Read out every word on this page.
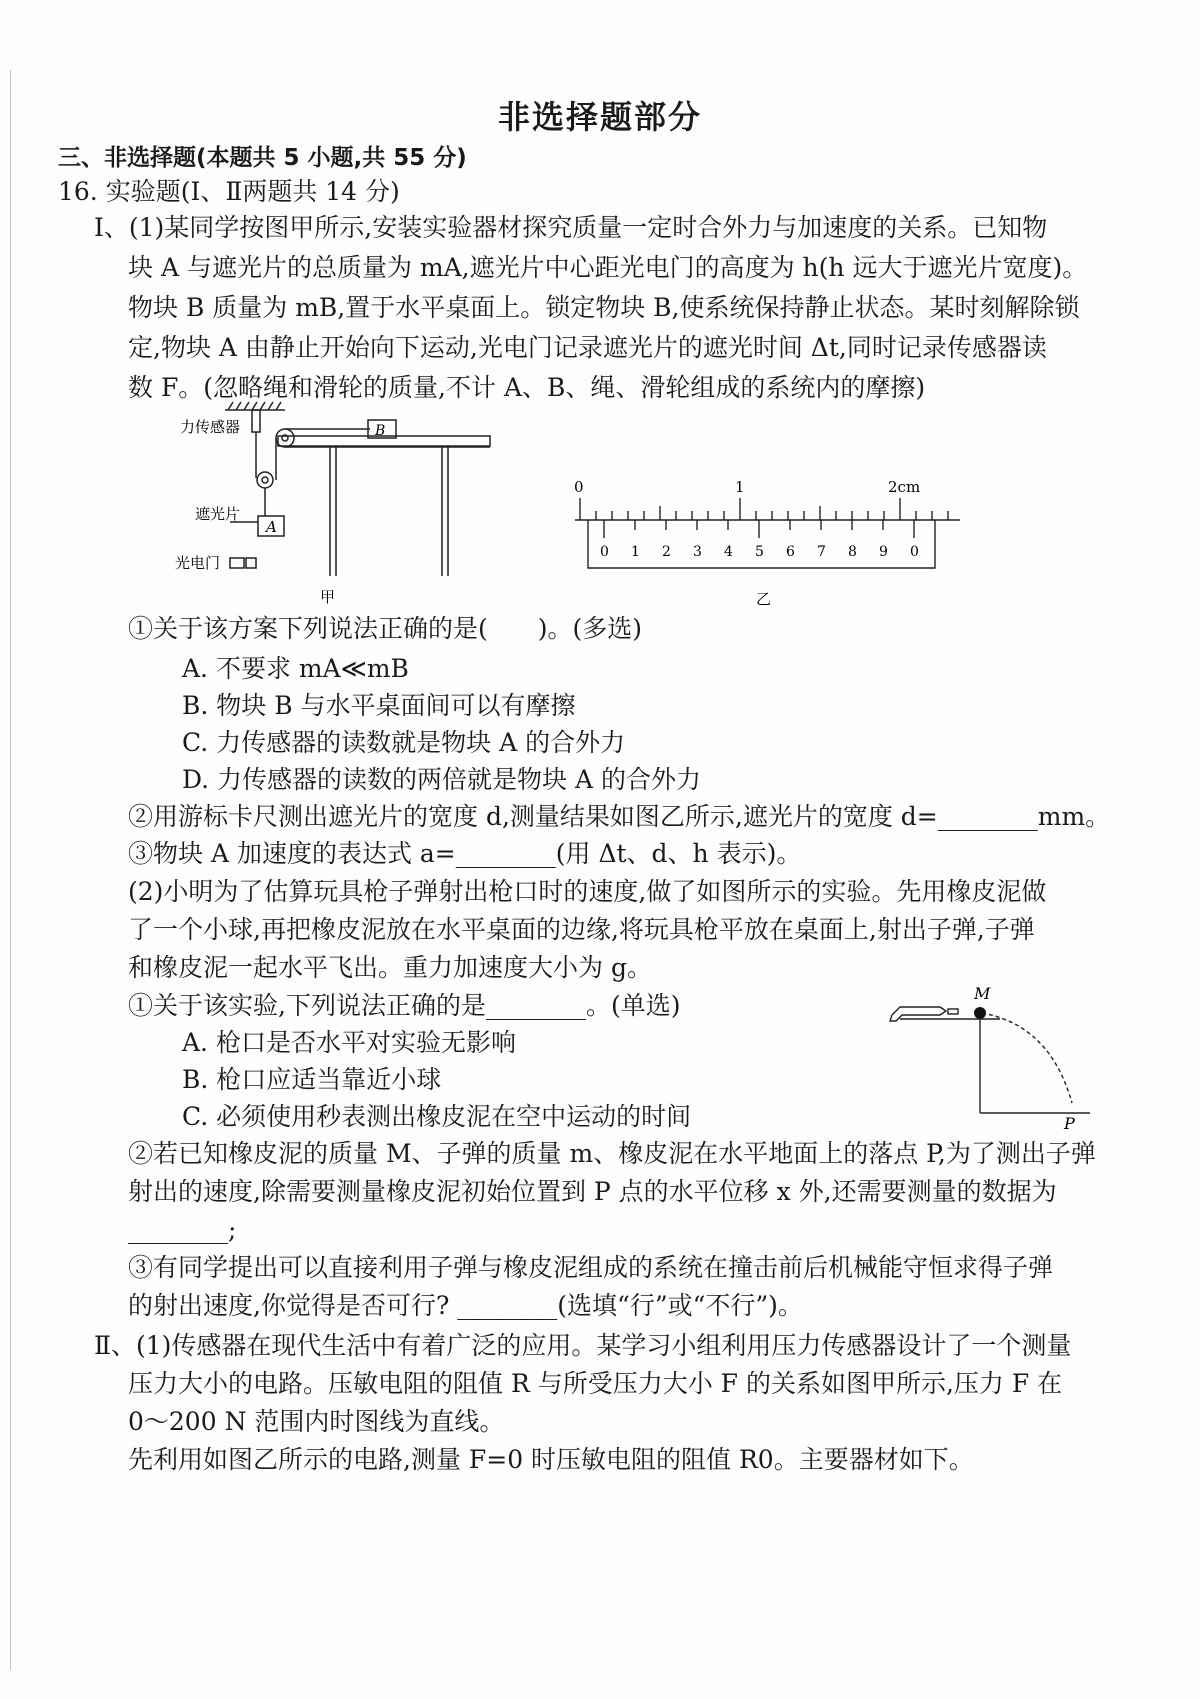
非选择题部分
三、非选择题(本题共 5 小题,共 55 分)
16. 实验题(Ⅰ、Ⅱ两题共 14 分)
Ⅰ、(1)某同学按图甲所示,安装实验器材探究质量一定时合外力与加速度的关系。已知物
块 A 与遮光片的总质量为 mA,遮光片中心距光电门的高度为 h(h 远大于遮光片宽度)。
物块 B 质量为 mB,置于水平桌面上。锁定物块 B,使系统保持静止状态。某时刻解除锁
定,物块 A 由静止开始向下运动,光电门记录遮光片的遮光时间 Δt,同时记录传感器读
数 F。(忽略绳和滑轮的质量,不计 A、B、绳、滑轮组成的系统内的摩擦)
力传感器
遮光片
光电门
A
B
甲
0	1	2cm
0 1 2 3 4 5 6 7 8 9 0
乙
①关于该方案下列说法正确的是(　　)。(多选)
A. 不要求 mA≪mB
B. 物块 B 与水平桌面间可以有摩擦
C. 力传感器的读数就是物块 A 的合外力
D. 力传感器的读数的两倍就是物块 A 的合外力
②用游标卡尺测出遮光片的宽度 d,测量结果如图乙所示,遮光片的宽度 d=________mm。
③物块 A 加速度的表达式 a=________(用 Δt、d、h 表示)。
(2)小明为了估算玩具枪子弹射出枪口时的速度,做了如图所示的实验。先用橡皮泥做
了一个小球,再把橡皮泥放在水平桌面的边缘,将玩具枪平放在桌面上,射出子弹,子弹
和橡皮泥一起水平飞出。重力加速度大小为 g。
①关于该实验,下列说法正确的是________。(单选)
A. 枪口是否水平对实验无影响
B. 枪口应适当靠近小球
C. 必须使用秒表测出橡皮泥在空中运动的时间
M
P
②若已知橡皮泥的质量 M、子弹的质量 m、橡皮泥在水平地面上的落点 P,为了测出子弹
射出的速度,除需要测量橡皮泥初始位置到 P 点的水平位移 x 外,还需要测量的数据为
________;
③有同学提出可以直接利用子弹与橡皮泥组成的系统在撞击前后机械能守恒求得子弹
的射出速度,你觉得是否可行? ________(选填“行”或“不行”)。
Ⅱ、(1)传感器在现代生活中有着广泛的应用。某学习小组利用压力传感器设计了一个测量
压力大小的电路。压敏电阻的阻值 R 与所受压力大小 F 的关系如图甲所示,压力 F 在
0～200 N 范围内时图线为直线。
先利用如图乙所示的电路,测量 F=0 时压敏电阻的阻值 R0。主要器材如下。
